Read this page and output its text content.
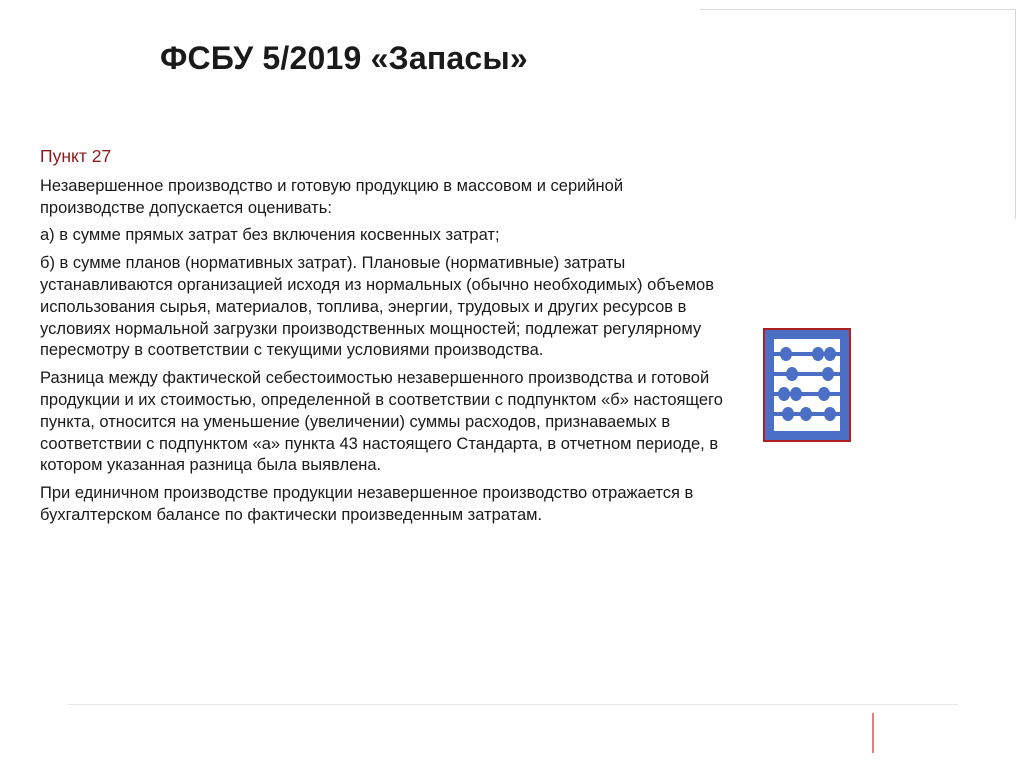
ФСБУ 5/2019 «Запасы»

Пункт 27

Незавершенное производство и готовую продукцию в массовом и серийной производстве допускается оценивать:

а) в сумме прямых затрат без включения косвенных затрат;

б) в сумме планов (нормативных затрат). Плановые (нормативные) затраты устанавливаются организацией исходя из нормальных (обычно необходимых) объемов использования сырья, материалов, топлива, энергии, трудовых и других ресурсов в условиях нормальной загрузки производственных мощностей; подлежат регулярному пересмотру в соответствии с текущими условиями производства.

Разница между фактической себестоимостью незавершенного производства и готовой продукции и их стоимостью, определенной в соответствии с подпунктом «б» настоящего пункта, относится на уменьшение (увеличении) суммы расходов, признаваемых в соответствии с подпунктом «а» пункта 43 настоящего Стандарта, в отчетном периоде, в котором указанная разница была выявлена.

При единичном производстве продукции незавершенное производство отражается в бухгалтерском балансе по фактически произведенным затратам.
